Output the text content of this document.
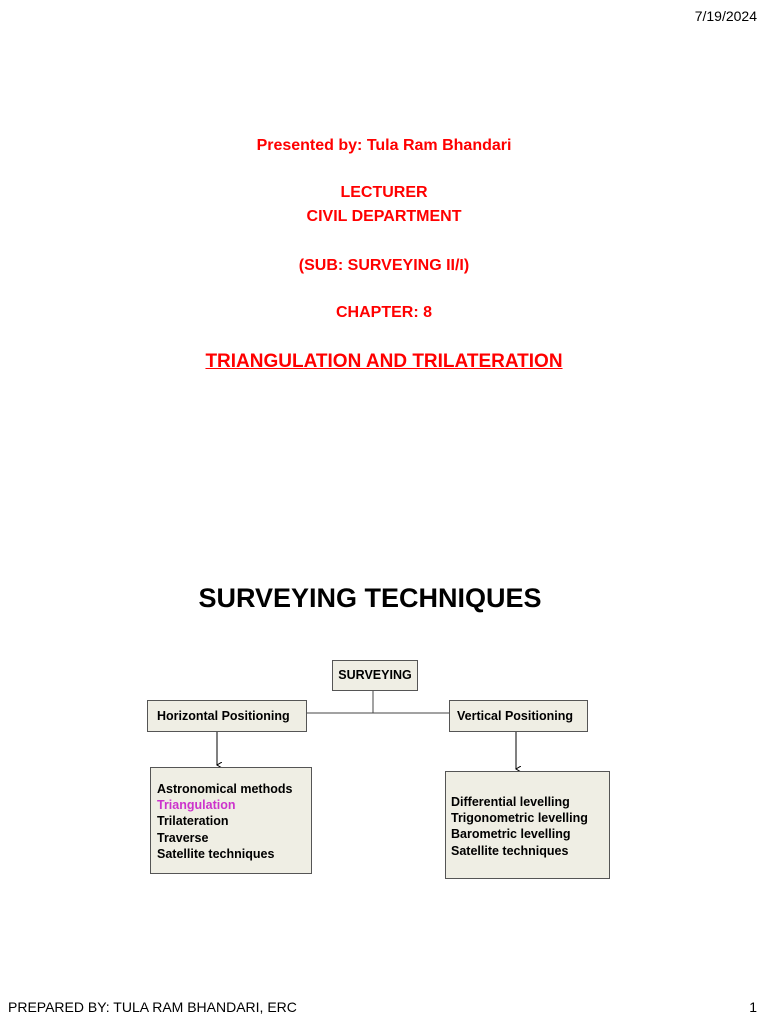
7/19/2024
Presented by: Tula Ram Bhandari
LECTURER
CIVIL DEPARTMENT
(SUB: SURVEYING II/I)
CHAPTER: 8
TRIANGULATION AND TRILATERATION
SURVEYING TECHNIQUES
SURVEYING
Horizontal Positioning	Vertical Positioning
Astronomical methods
Triangulation
Trilateration
Traverse
Satellite techniques
Differential levelling
Trigonometric levelling
Barometric levelling
Satellite techniques
PREPARED BY: TULA RAM BHANDARI, ERC	1
